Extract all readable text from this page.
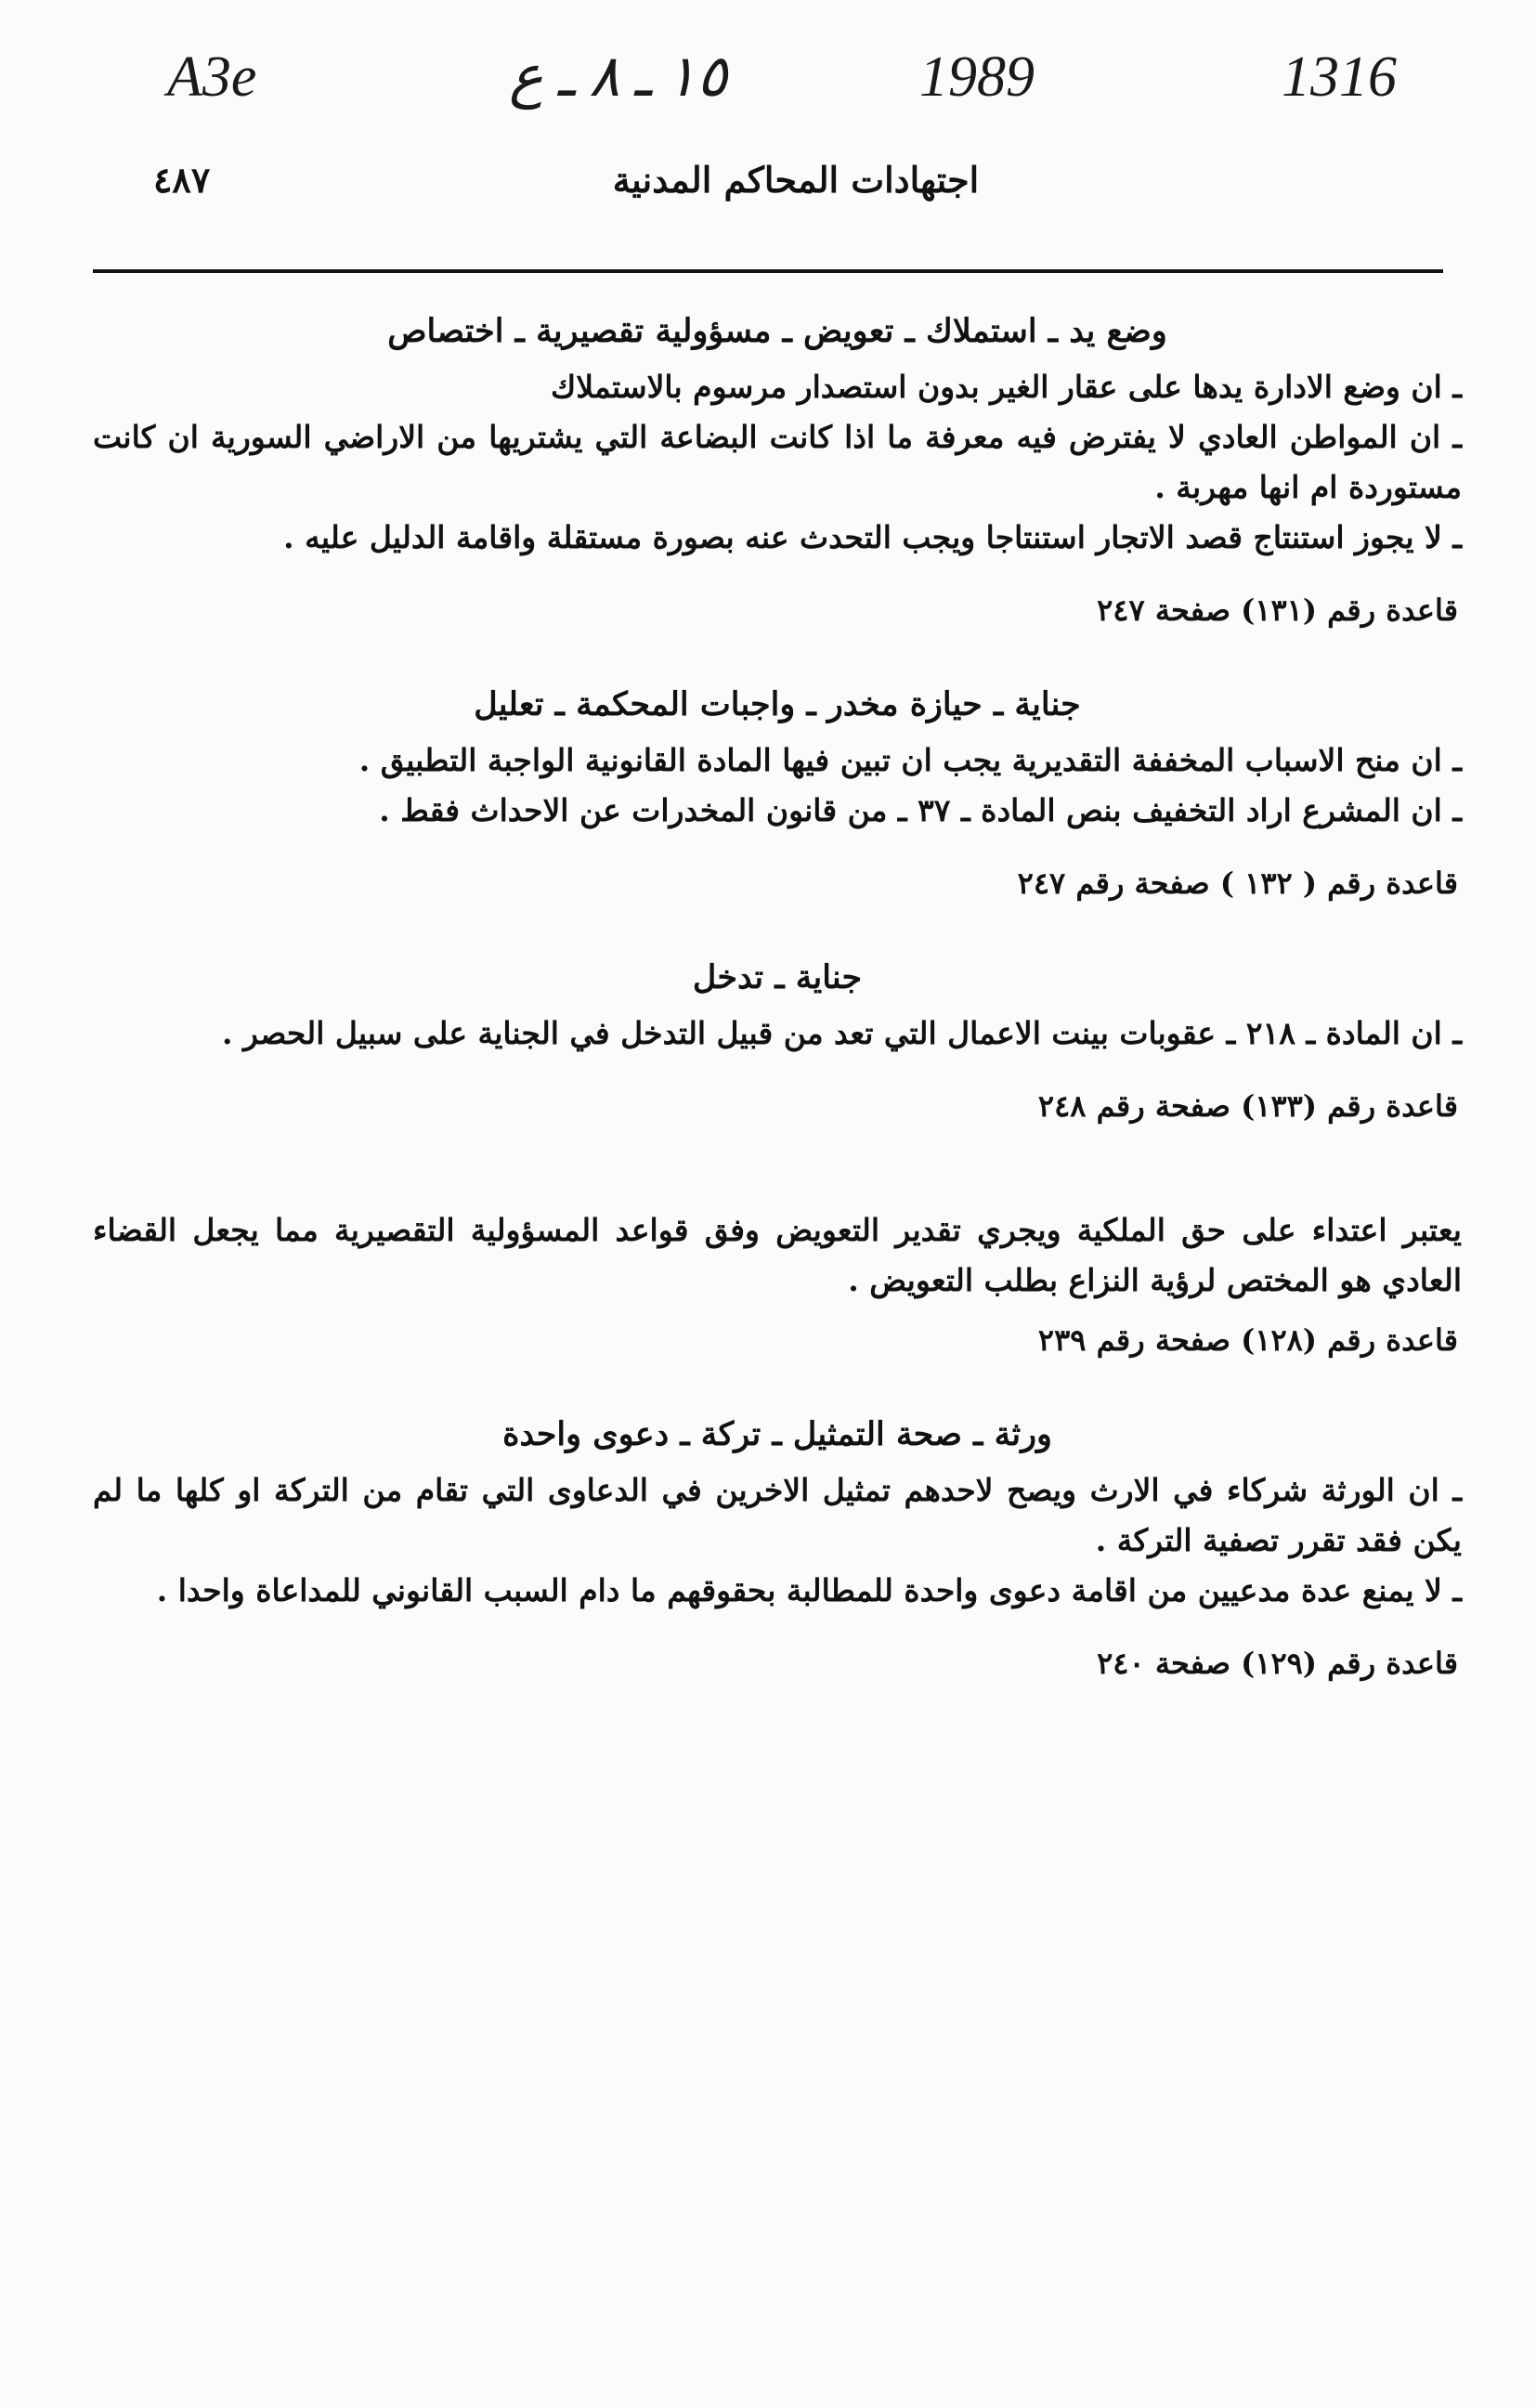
A3e	١٥ ـ ٨ ـ ع	1989	1316
٤٨٧	اجتهادات المحاكم المدنية
وضع يد ـ استملاك ـ تعويض ـ مسؤولية تقصيرية ـ اختصاص

ـ ان وضع الادارة يدها على عقار الغير بدون استصدار مرسوم بالاستملاك

ـ ان المواطن العادي لا يفترض فيه معرفة ما اذا كانت البضاعة التي يشتريها من الاراضي السورية ان كانت مستوردة ام انها مهربة .

ـ لا يجوز استنتاج قصد الاتجار استنتاجا ويجب التحدث عنه بصورة مستقلة واقامة الدليل عليه .

قاعدة رقم (١٣١) صفحة ٢٤٧
جناية ـ حيازة مخدر ـ واجبات المحكمة ـ تعليل

ـ ان منح الاسباب المخففة التقديرية يجب ان تبين فيها المادة القانونية الواجبة التطبيق .

ـ ان المشرع اراد التخفيف بنص المادة ـ ٣٧ ـ من قانون المخدرات عن الاحداث فقط .

قاعدة رقم ( ١٣٢ ) صفحة رقم ٢٤٧
جناية ـ تدخل

ـ ان المادة ـ ٢١٨ ـ عقوبات بينت الاعمال التي تعد من قبيل التدخل في الجناية على سبيل الحصر .

قاعدة رقم (١٣٣) صفحة رقم ٢٤٨

يعتبر اعتداء على حق الملكية ويجري تقدير التعويض وفق قواعد المسؤولية التقصيرية مما يجعل القضاء العادي هو المختص لرؤية النزاع بطلب التعويض .

قاعدة رقم (١٢٨) صفحة رقم ٢٣٩
ورثة ـ صحة التمثيل ـ تركة ـ دعوى واحدة

ـ ان الورثة شركاء في الارث ويصح لاحدهم تمثيل الاخرين في الدعاوى التي تقام من التركة او كلها ما لم يكن فقد تقرر تصفية التركة .

ـ لا يمنع عدة مدعيين من اقامة دعوى واحدة للمطالبة بحقوقهم ما دام السبب القانوني للمداعاة واحدا .

قاعدة رقم (١٢٩) صفحة ٢٤٠
